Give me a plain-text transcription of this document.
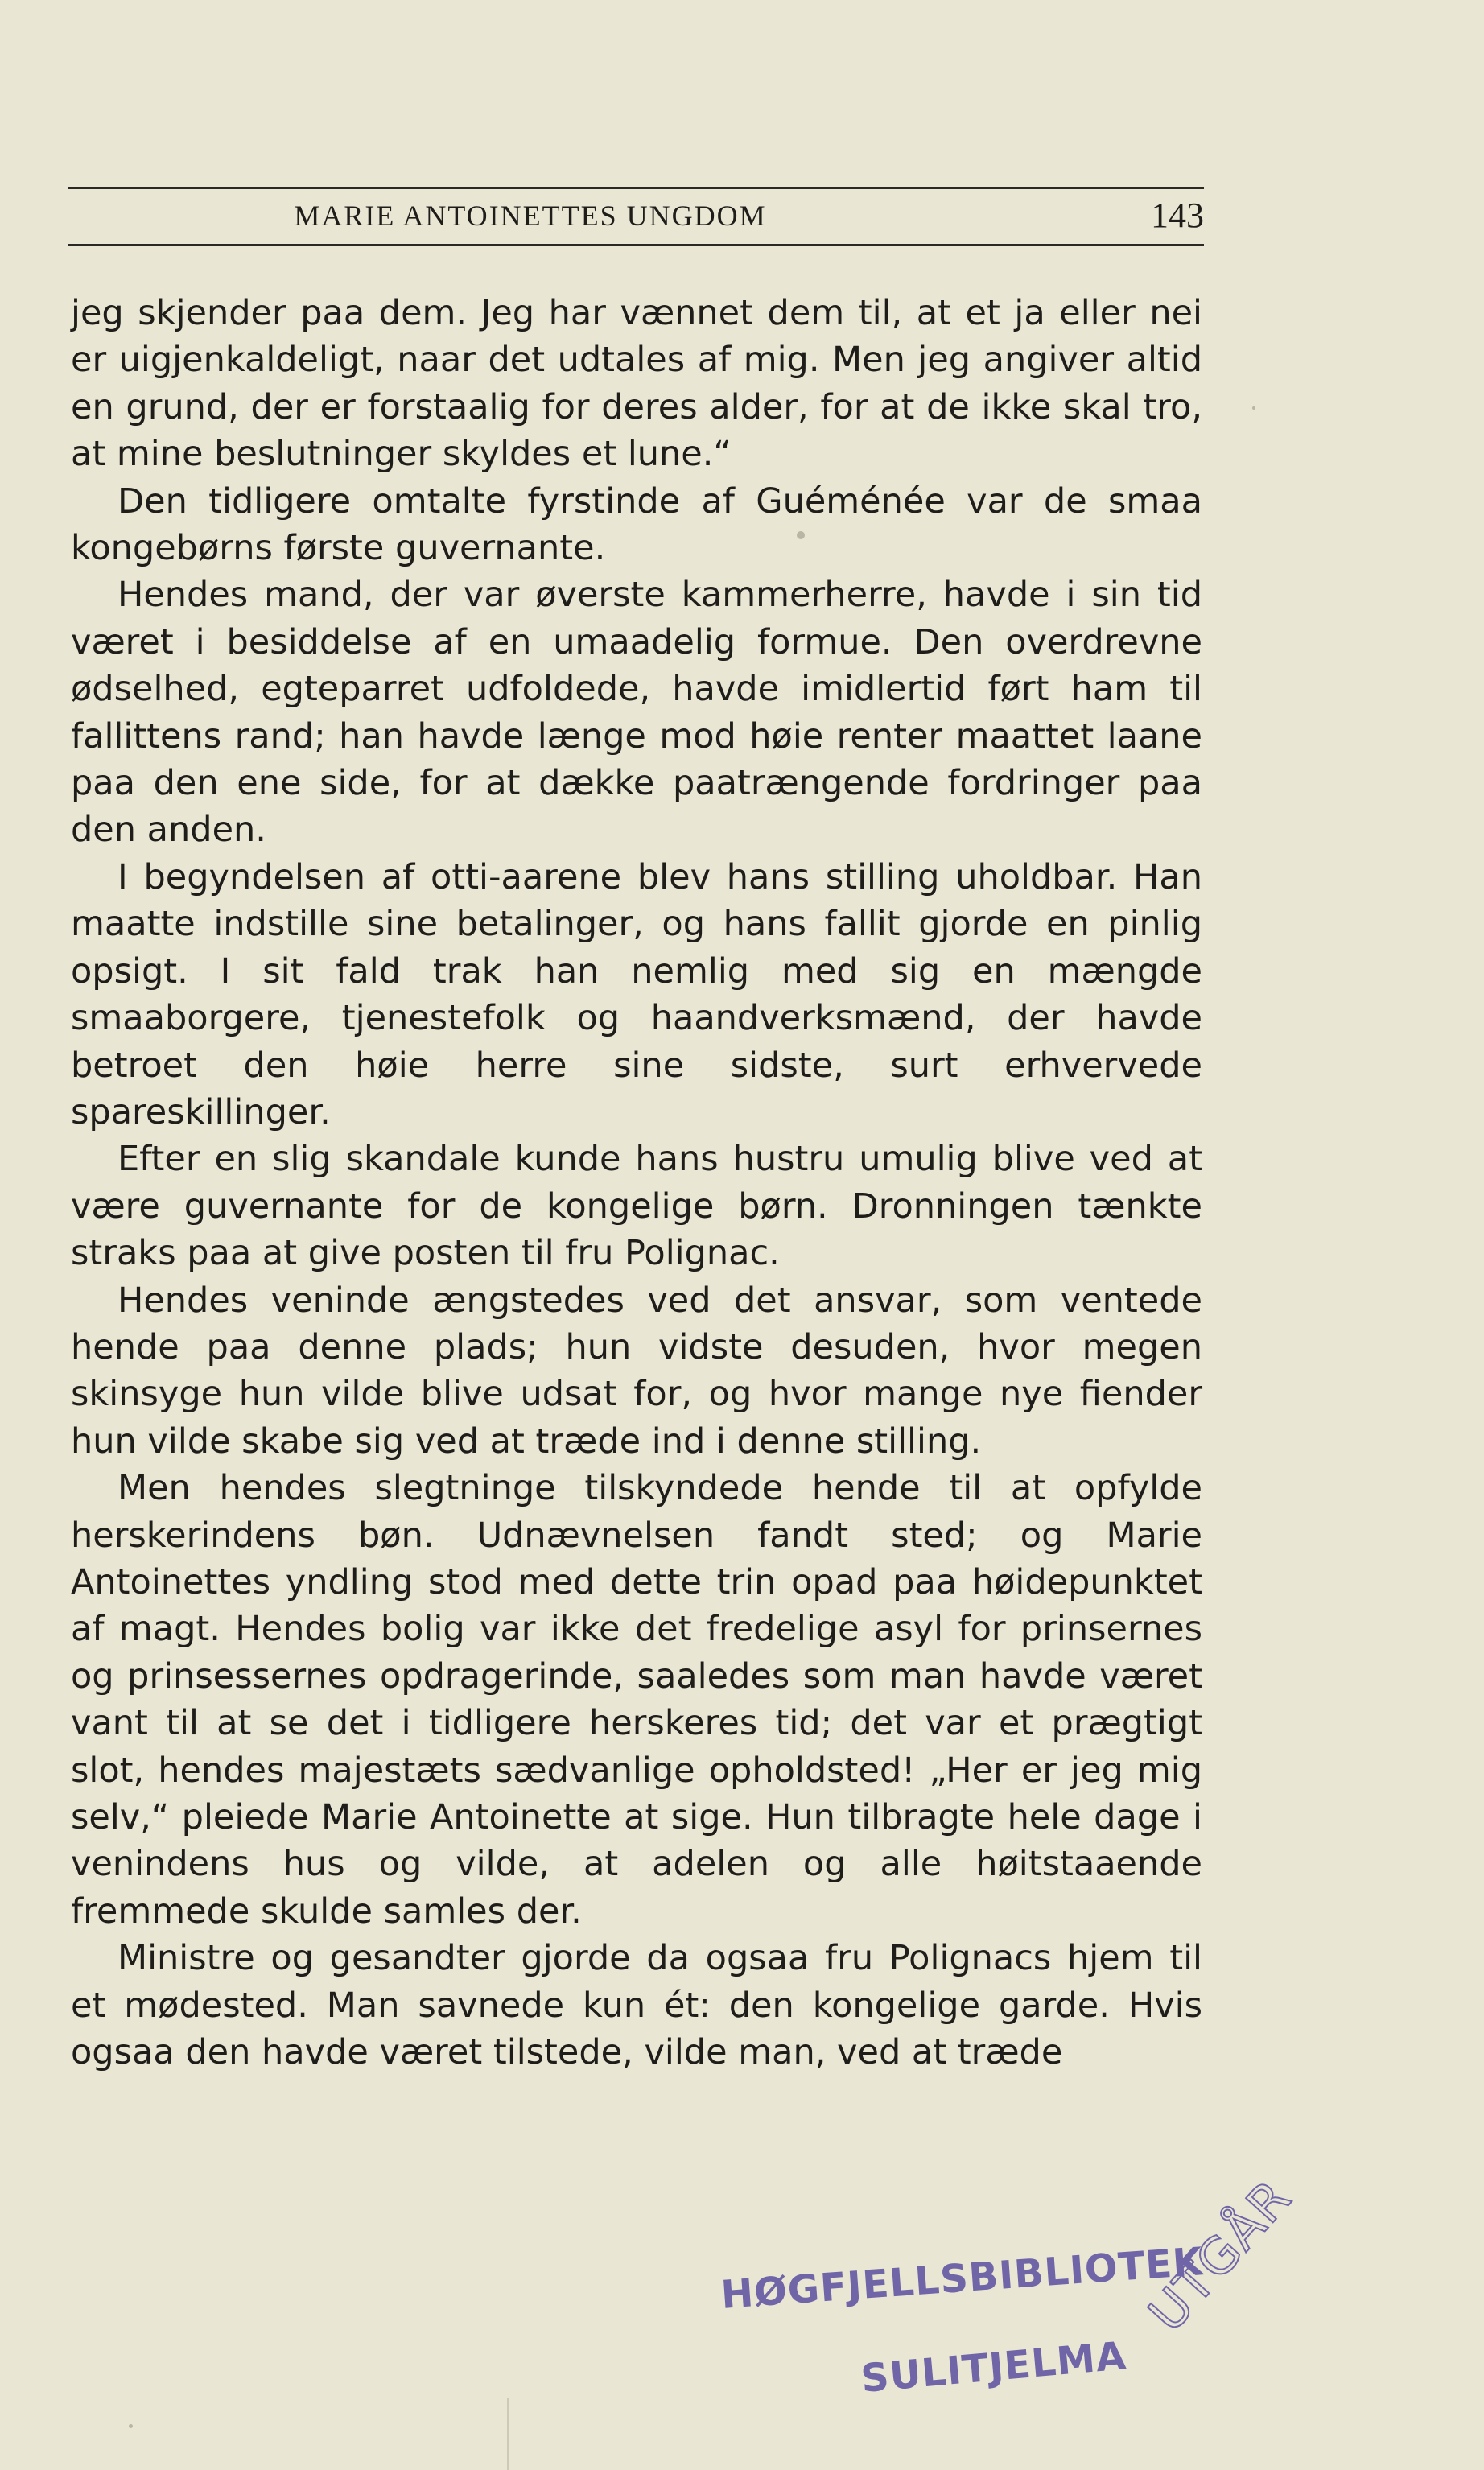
MARIE ANTOINETTES UNGDOM	143

jeg skjender paa dem. Jeg har vænnet dem til, at et ja eller nei er uigjenkaldeligt, naar det udtales af mig. Men jeg angiver altid en grund, der er forstaalig for deres alder, for at de ikke skal tro, at mine beslutninger skyldes et lune.“

Den tidligere omtalte fyrstinde af Guéménée var de smaa kongebørns første guvernante.

Hendes mand, der var øverste kammerherre, havde i sin tid været i besiddelse af en umaadelig formue. Den overdrevne ødselhed, egteparret udfoldede, havde imidlertid ført ham til fallittens rand; han havde længe mod høie renter maattet laane paa den ene side, for at dække paatrængende fordringer paa den anden.

I begyndelsen af otti-aarene blev hans stilling uholdbar. Han maatte indstille sine betalinger, og hans fallit gjorde en pinlig opsigt. I sit fald trak han nemlig med sig en mængde smaaborgere, tjenestefolk og haandverksmænd, der havde betroet den høie herre sine sidste, surt erhvervede spareskillinger.

Efter en slig skandale kunde hans hustru umulig blive ved at være guvernante for de kongelige børn. Dronningen tænkte straks paa at give posten til fru Polignac.

Hendes veninde ængstedes ved det ansvar, som ventede hende paa denne plads; hun vidste desuden, hvor megen skinsyge hun vilde blive udsat for, og hvor mange nye fiender hun vilde skabe sig ved at træde ind i denne stilling.

Men hendes slegtninge tilskyndede hende til at opfylde herskerindens bøn. Udnævnelsen fandt sted; og Marie Antoinettes yndling stod med dette trin opad paa høidepunktet af magt. Hendes bolig var ikke det fredelige asyl for prinsernes og prinsessernes opdragerinde, saaledes som man havde været vant til at se det i tidligere herskeres tid; det var et prægtigt slot, hendes majestæts sædvanlige opholdsted! „Her er jeg mig selv,“ pleiede Marie Antoinette at sige. Hun tilbragte hele dage i venindens hus og vilde, at adelen og alle høitstaaende fremmede skulde samles der.

Ministre og gesandter gjorde da ogsaa fru Polignacs hjem til et mødested. Man savnede kun ét: den kongelige garde. Hvis ogsaa den havde været tilstede, vilde man, ved at træde

HØGFJELLSBIBLIOTEK
SULITJELMA
UTGÅR
